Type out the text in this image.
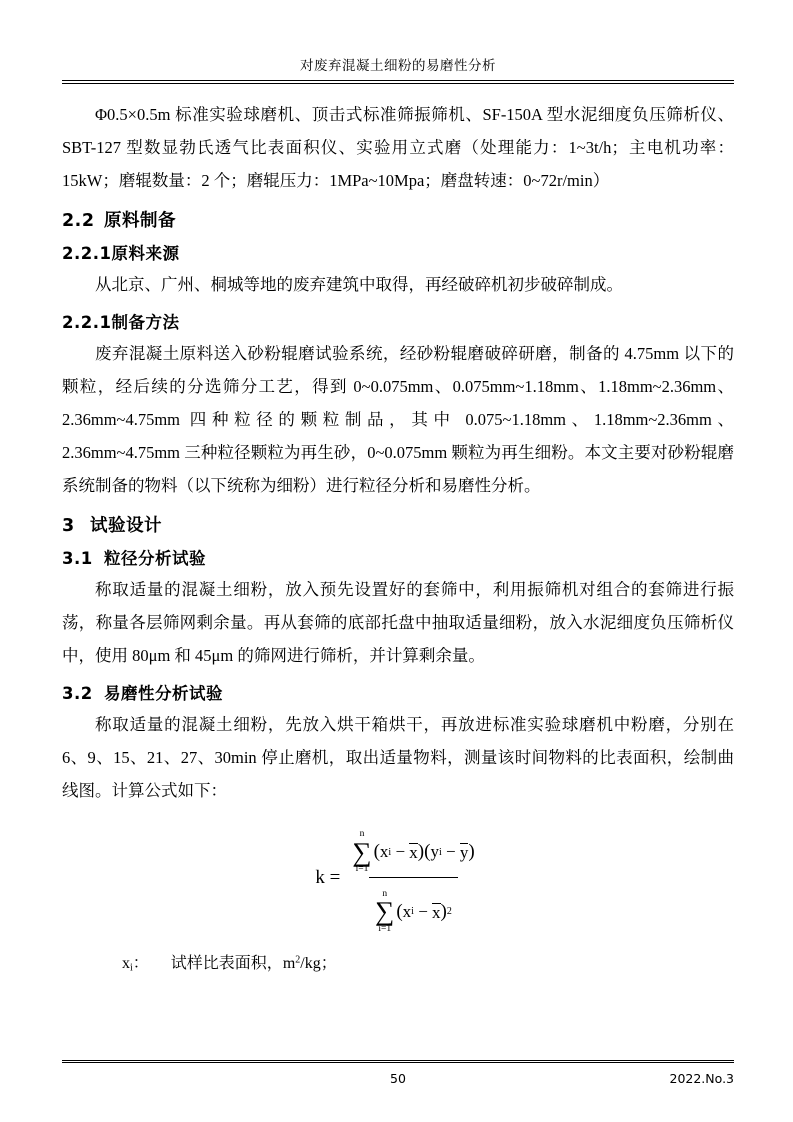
对废弃混凝土细粉的易磨性分析

Φ0.5×0.5m 标准实验球磨机、顶击式标准筛振筛机、SF-150A 型水泥细度负压筛析仪、SBT-127 型数显勃氏透气比表面积仪、实验用立式磨（处理能力：1~3t/h；主电机功率：15kW；磨辊数量：2 个；磨辊压力：1MPa~10Mpa；磨盘转速：0~72r/min）

2.2 原料制备
2.2.1原料来源

从北京、广州、桐城等地的废弃建筑中取得，再经破碎机初步破碎制成。

2.2.1制备方法

废弃混凝土原料送入砂粉辊磨试验系统，经砂粉辊磨破碎研磨，制备的 4.75mm 以下的颗粒，经后续的分选筛分工艺，得到 0~0.075mm、0.075mm~1.18mm、1.18mm~2.36mm、2.36mm~4.75mm 四种粒径的颗粒制品，其中 0.075~1.18mm、1.18mm~2.36mm、2.36mm~4.75mm 三种粒径颗粒为再生砂，0~0.075mm 颗粒为再生细粉。本文主要对砂粉辊磨系统制备的物料（以下统称为细粉）进行粒径分析和易磨性分析。

3 试验设计
3.1 粒径分析试验

称取适量的混凝土细粉，放入预先设置好的套筛中，利用振筛机对组合的套筛进行振荡，称量各层筛网剩余量。再从套筛的底部托盘中抽取适量细粉，放入水泥细度负压筛析仪中，使用 80μm 和 45μm 的筛网进行筛析，并计算剩余量。

3.2 易磨性分析试验

称取适量的混凝土细粉，先放入烘干箱烘干，再放进标准实验球磨机中粉磨，分别在 6、9、15、21、27、30min 停止磨机，取出适量物料，测量该时间物料的比表面积，绘制曲线图。计算公式如下：

k =
n
∑
i=1
( x i − x ) ( y i − y )
n
∑
i=1
( x i − x ) 2
$x_i$： 试样比表面积，$m^2/kg$；
50	2022.No.3
